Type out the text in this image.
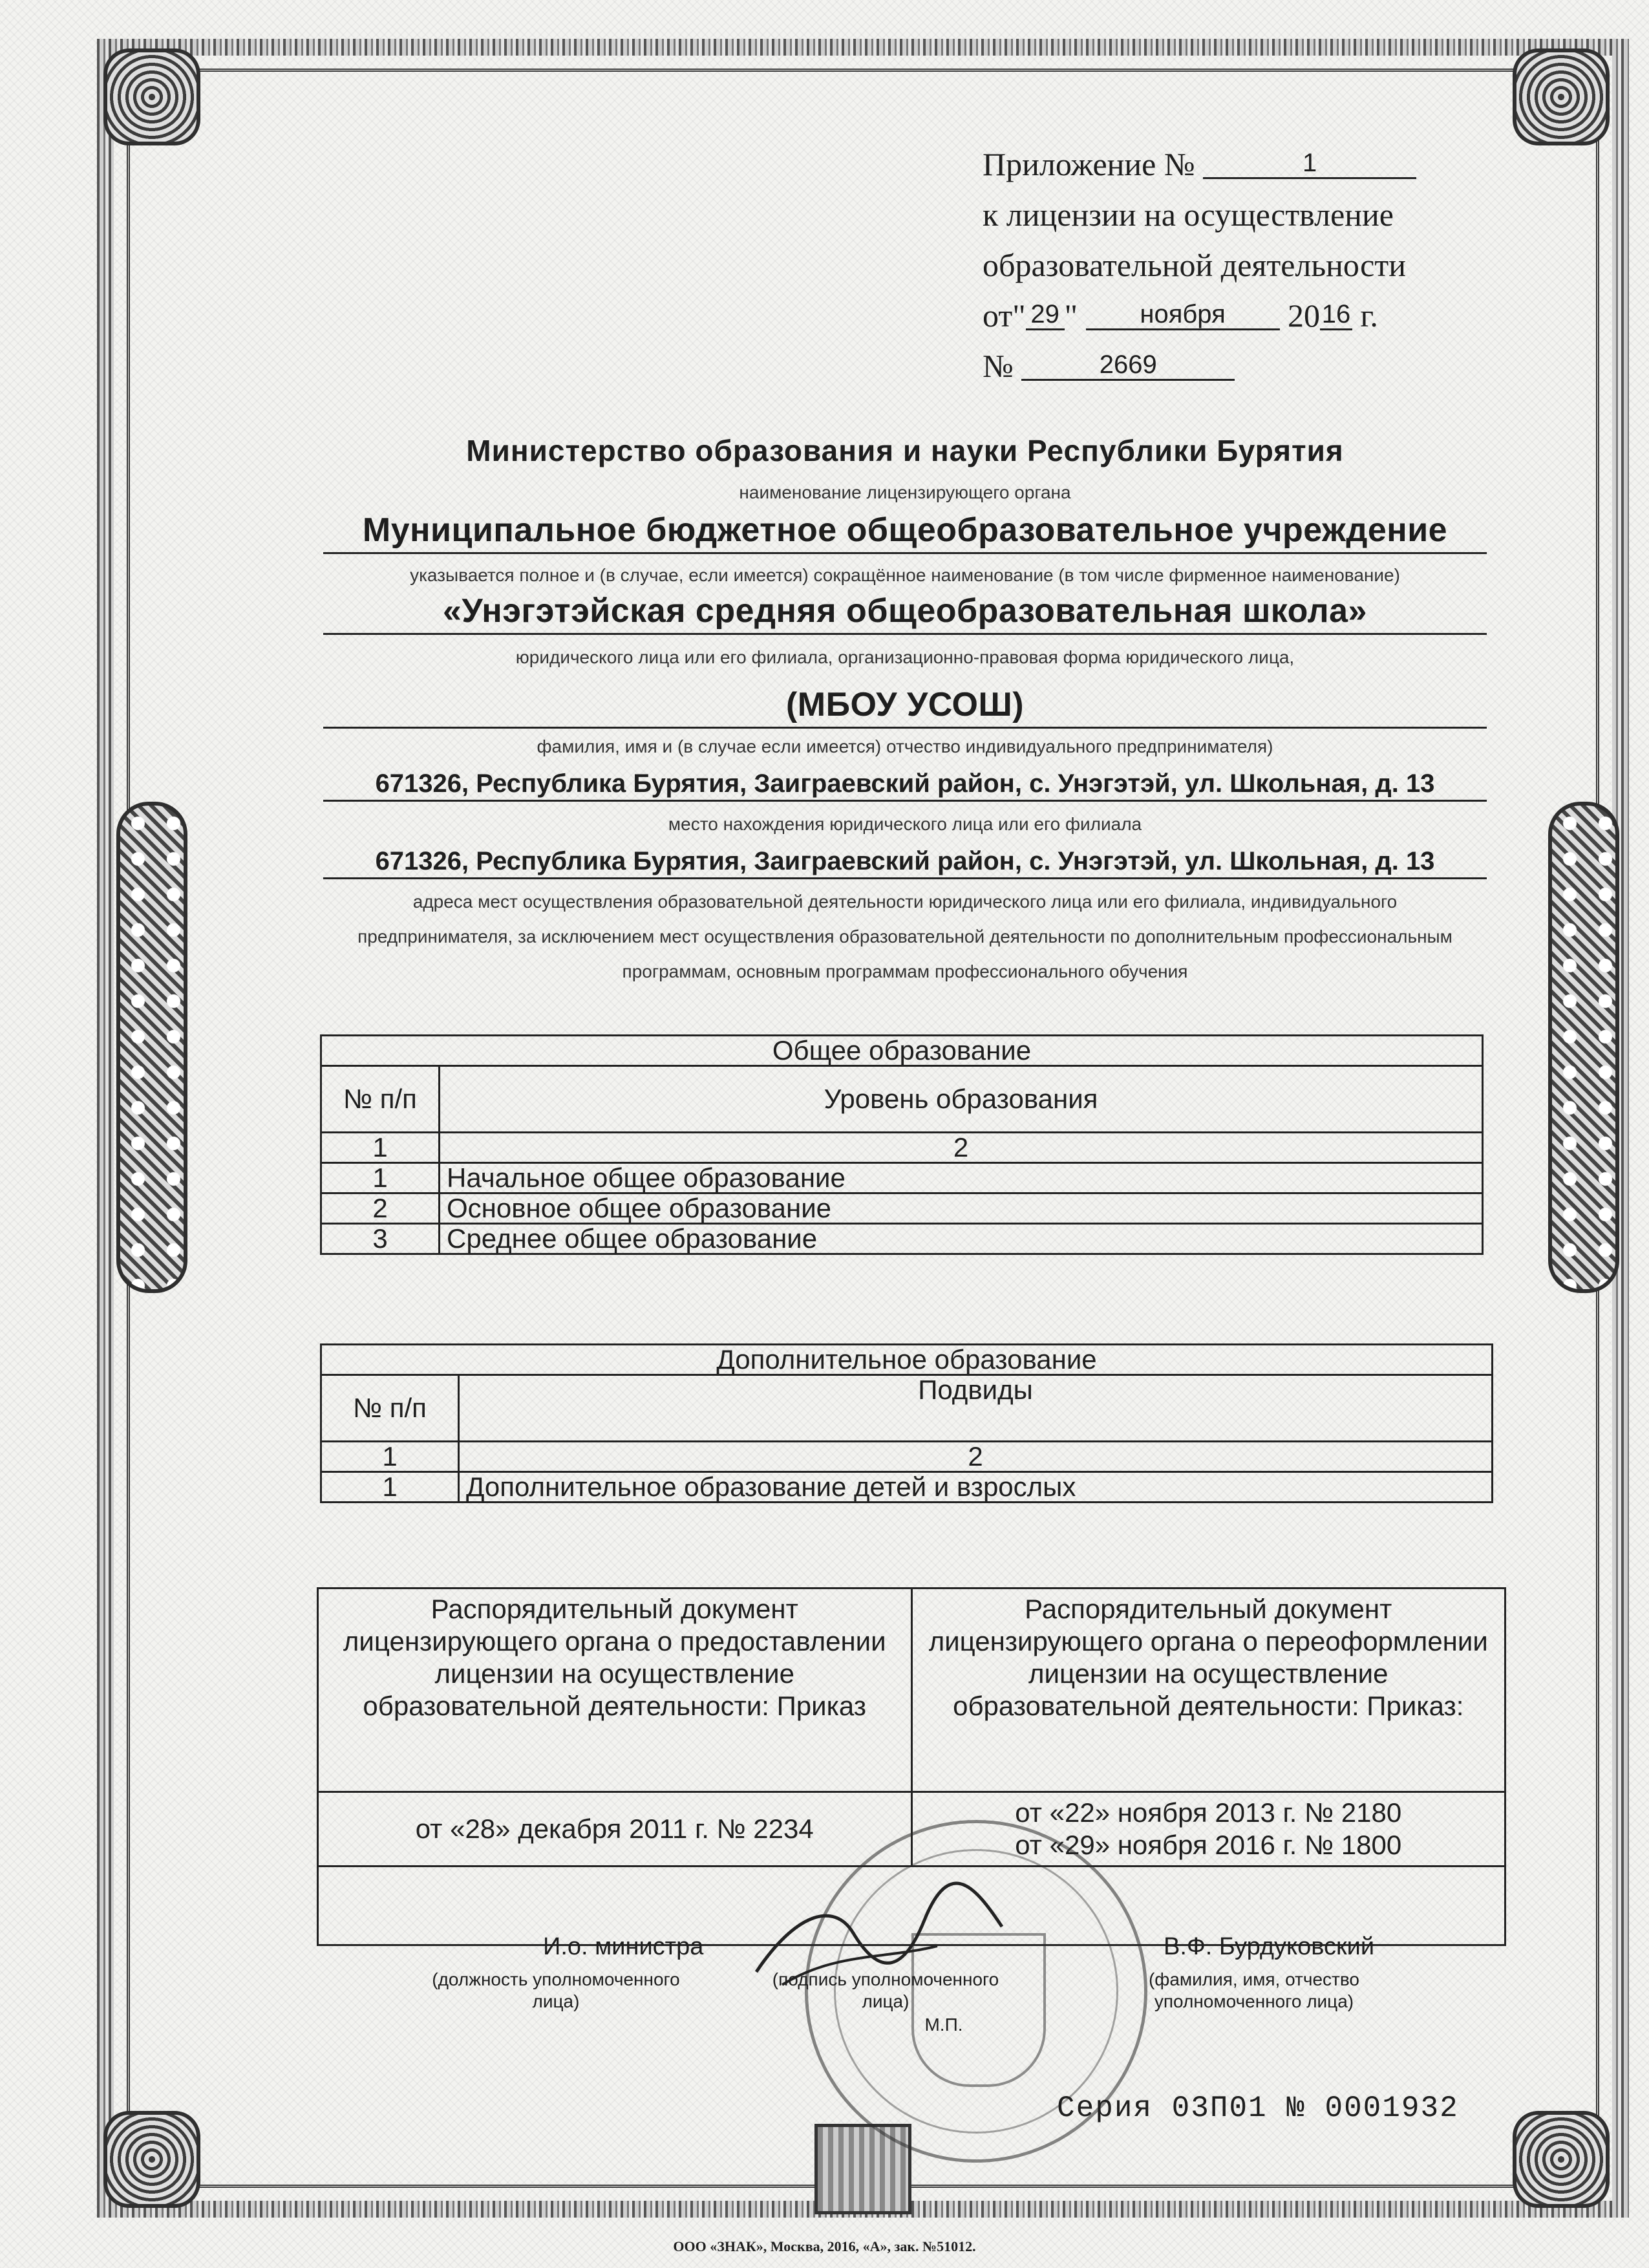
Приложение №	1
к лицензии на осуществление
образовательной деятельности
от" 29 " ноября 2016 г.
№	2669
Министерство образования и науки Республики Бурятия
наименование лицензирующего органа
Муниципальное бюджетное общеобразовательное учреждение
указывается полное и (в случае, если имеется) сокращённое наименование (в том числе фирменное наименование)
«Унэгэтэйская средняя общеобразовательная школа»
юридического лица или его филиала, организационно-правовая форма юридического лица,
(МБОУ УСОШ)
фамилия, имя и (в случае если имеется) отчество индивидуального предпринимателя)
671326, Республика Бурятия, Заиграевский район, с. Унэгэтэй, ул. Школьная, д. 13
место нахождения юридического лица или его филиала
671326, Республика Бурятия, Заиграевский район, с. Унэгэтэй, ул. Школьная, д. 13
адреса мест осуществления образовательной деятельности юридического лица или его филиала, индивидуального
предпринимателя, за исключением мест осуществления образовательной деятельности по дополнительным профессиональным
программам, основным программам профессионального обучения
Общее образование	
№ п/п	Уровень образования
1	2
1	Начальное общее образование
2	Основное общее образование
3	Среднее общее образование
Дополнительное образование	
№ п/п	Подвиды
1	2
1	Дополнительное образование детей и взрослых
Распорядительный документ лицензирующего органа о предоставлении лицензии на осуществление образовательной деятельности: Приказ	Распорядительный документ лицензирующего органа о переоформлении лицензии на осуществление образовательной деятельности: Приказ:
от «28» декабря 2011 г. № 2234	от «22» ноября 2013 г. № 2180
от «29» ноября 2016 г. № 1800
И.о. министра
(должность уполномоченного лица)
(подпись уполномоченного лица)
М.П.
В.Ф. Бурдуковский
(фамилия, имя, отчество уполномоченного лица)
Серия 03П01 № 0001932
ООО «ЗНАК», Москва, 2016, «А», зак. №51012.
